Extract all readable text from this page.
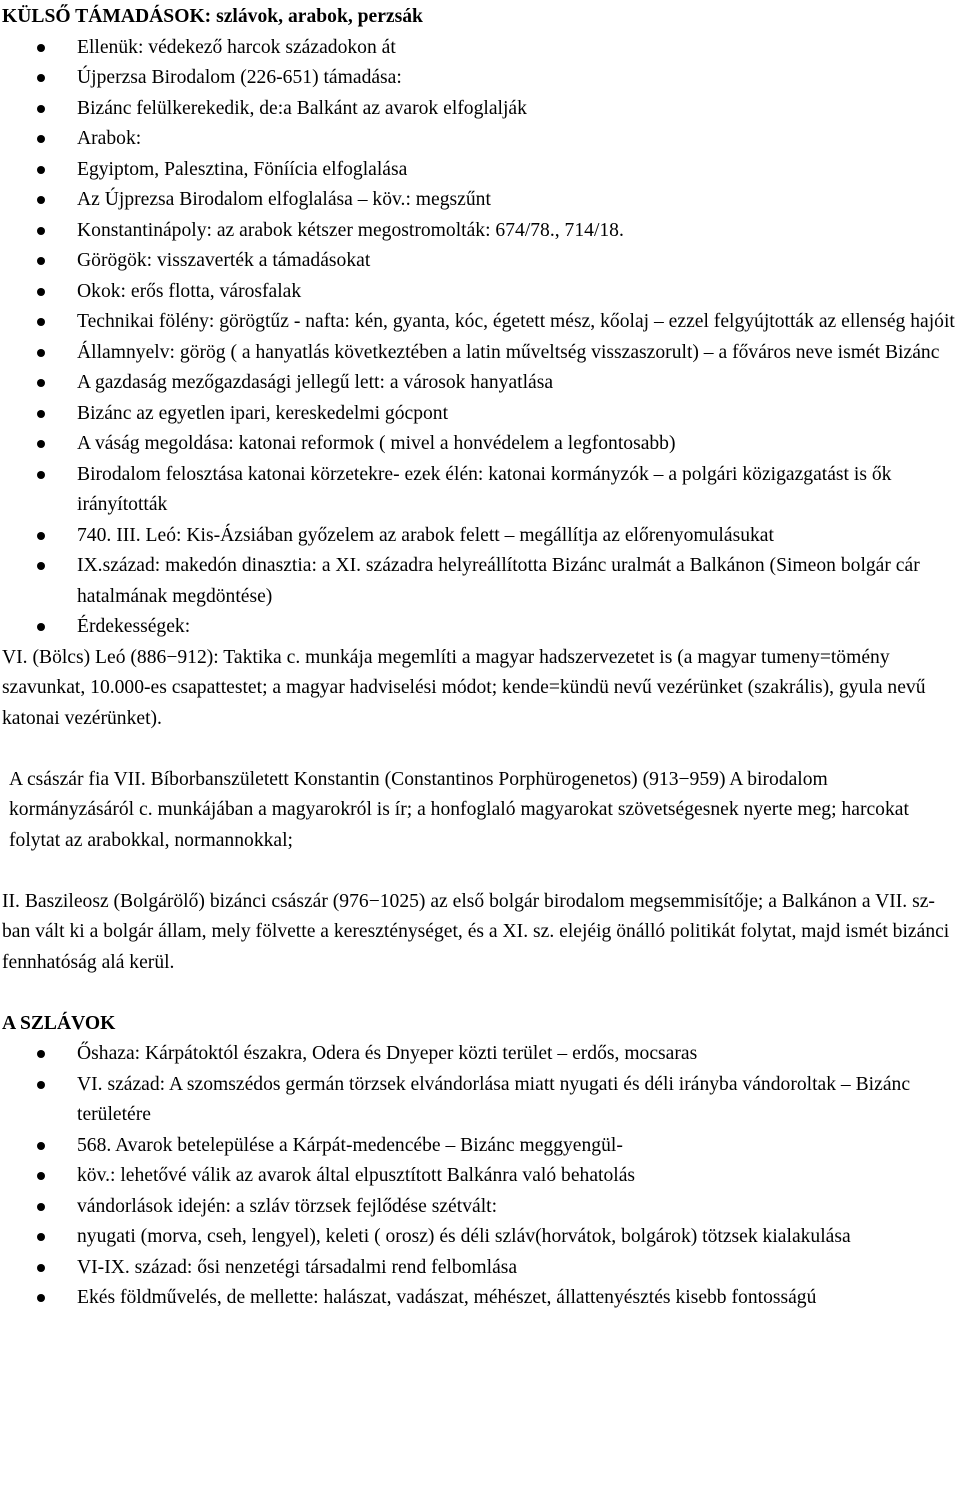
KÜLSŐ TÁMADÁSOK: szlávok, arabok, perzsák

Ellenük: védekező harcok századokon át
Újperzsa Birodalom (226-651) támadása:
Bizánc felülkerekedik, de:a Balkánt az avarok elfoglalják
Arabok:
Egyiptom, Palesztina, Föníícia elfoglalása
Az Újprezsa Birodalom elfoglalása – köv.: megszűnt
Konstantinápoly: az arabok kétszer megostromolták: 674/78., 714/18.
Görögök: visszaverték a támadásokat
Okok: erős flotta, városfalak
Technikai fölény: görögtűz - nafta: kén, gyanta, kóc, égetett mész, kőolaj – ezzel felgyújtották az ellenség hajóit
Államnyelv: görög ( a hanyatlás következtében a latin műveltség visszaszorult) – a főváros neve ismét Bizánc
A gazdaság mezőgazdasági jellegű lett: a városok hanyatlása
Bizánc az egyetlen ipari, kereskedelmi gócpont
A váság megoldása: katonai reformok ( mivel a honvédelem a legfontosabb)
Birodalom felosztása katonai körzetekre- ezek élén: katonai kormányzók – a polgári közigazgatást is ők irányították
740. III. Leó: Kis-Ázsiában győzelem az arabok felett – megállítja az előrenyomulásukat
IX.század: makedón dinasztia: a XI. századra helyreállította Bizánc uralmát a Balkánon (Simeon bolgár cár hatalmának megdöntése)
Érdekességek:

VI. (Bölcs) Leó (886−912): Taktika c. munkája megemlíti a magyar hadszervezetet is (a magyar tumeny=tömény szavunkat, 10.000-es csapattestet; a magyar hadviselési módot; kende=kündü nevű vezérünket (szakrális), gyula nevű katonai vezérünket).

A császár fia VII. Bíborbanszületett Konstantin (Constantinos Porphürogenetos) (913−959) A birodalom kormányzásáról c. munkájában a magyarokról is ír; a honfoglaló magyarokat szövetségesnek nyerte meg; harcokat folytat az arabokkal, normannokkal;

II. Baszileosz (Bolgárölő) bizánci császár (976−1025) az első bolgár birodalom megsemmisítője; a Balkánon a VII. sz-ban vált ki a bolgár állam, mely fölvette a kereszténységet, és a XI. sz. elejéig önálló politikát folytat, majd ismét bizánci fennhatóság alá kerül.

A SZLÁVOK

Őshaza: Kárpátoktól északra, Odera és Dnyeper közti terület – erdős, mocsaras
VI. század: A szomszédos germán törzsek elvándorlása miatt nyugati és déli irányba vándoroltak – Bizánc területére
568. Avarok betelepülése a Kárpát-medencébe – Bizánc meggyengül-
köv.: lehetővé válik az avarok által elpusztított Balkánra való behatolás
vándorlások idején: a szláv törzsek fejlődése szétvált:
nyugati (morva, cseh, lengyel), keleti ( orosz) és déli szláv(horvátok, bolgárok) tötzsek kialakulása
VI-IX. század: ősi nenzetégi társadalmi rend felbomlása
Ekés földművelés, de mellette: halászat, vadászat, méhészet, állattenyésztés kisebb fontosságú
